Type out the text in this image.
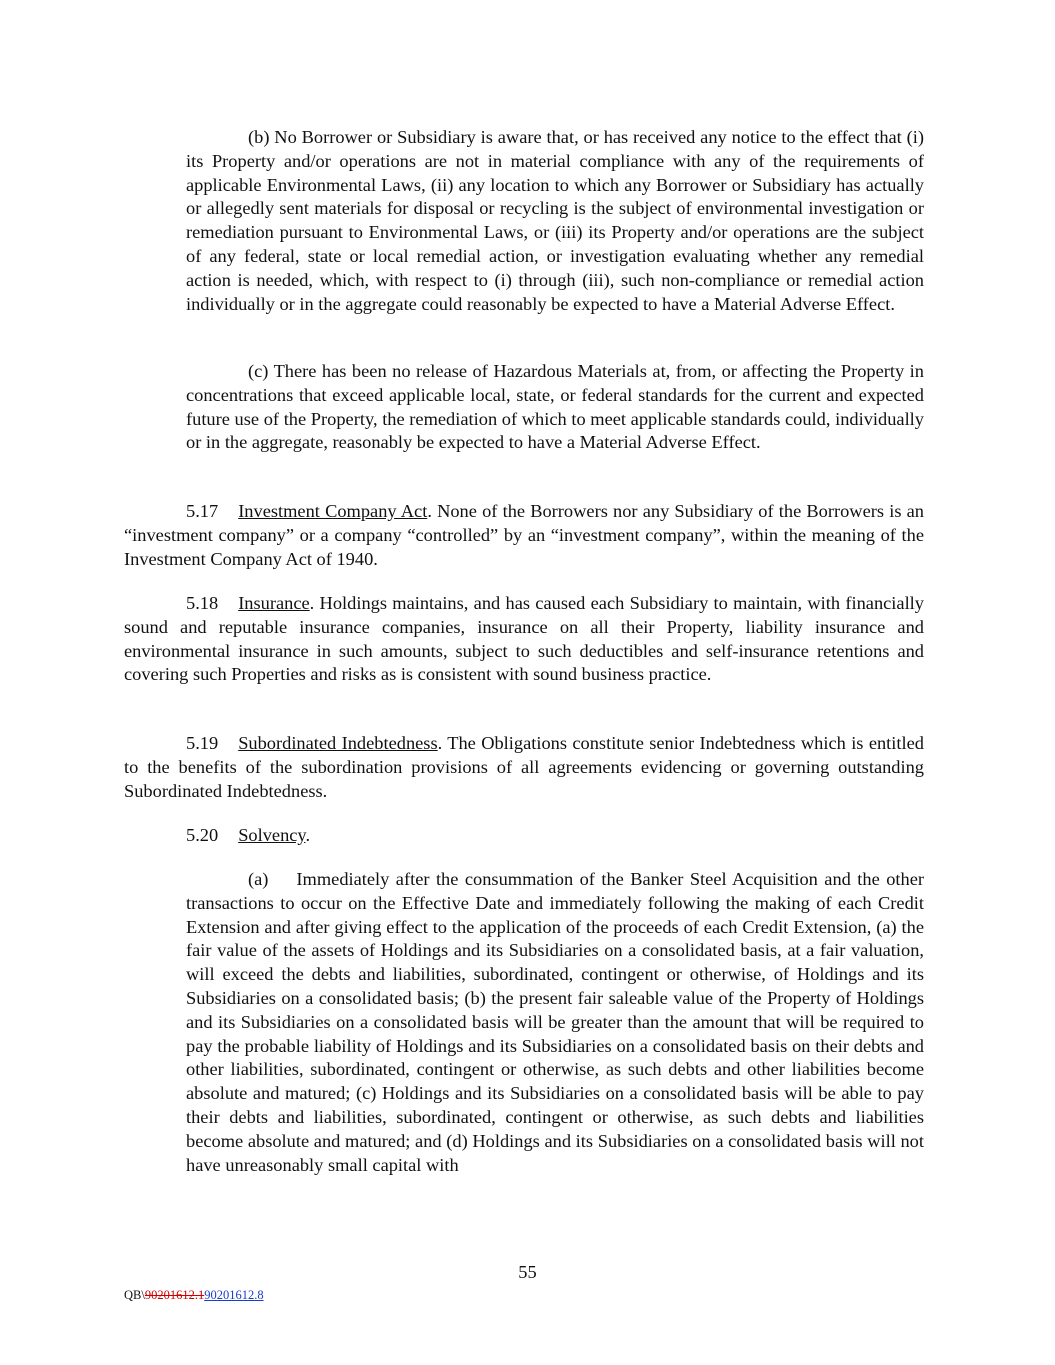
(b) No Borrower or Subsidiary is aware that, or has received any notice to the effect that (i) its Property and/or operations are not in material compliance with any of the requirements of applicable Environmental Laws, (ii) any location to which any Borrower or Subsidiary has actually or allegedly sent materials for disposal or recycling is the subject of environmental investigation or remediation pursuant to Environmental Laws, or (iii) its Property and/or operations are the subject of any federal, state or local remedial action, or investigation evaluating whether any remedial action is needed, which, with respect to (i) through (iii), such non-compliance or remedial action individually or in the aggregate could reasonably be expected to have a Material Adverse Effect.

(c) There has been no release of Hazardous Materials at, from, or affecting the Property in concentrations that exceed applicable local, state, or federal standards for the current and expected future use of the Property, the remediation of which to meet applicable standards could, individually or in the aggregate, reasonably be expected to have a Material Adverse Effect.

5.17 Investment Company Act. None of the Borrowers nor any Subsidiary of the Borrowers is an “investment company” or a company “controlled” by an “investment company”, within the meaning of the Investment Company Act of 1940.

5.18 Insurance. Holdings maintains, and has caused each Subsidiary to maintain, with financially sound and reputable insurance companies, insurance on all their Property, liability insurance and environmental insurance in such amounts, subject to such deductibles and self-insurance retentions and covering such Properties and risks as is consistent with sound business practice.

5.19 Subordinated Indebtedness. The Obligations constitute senior Indebtedness which is entitled to the benefits of the subordination provisions of all agreements evidencing or governing outstanding Subordinated Indebtedness.

5.20 Solvency.

(a) Immediately after the consummation of the Banker Steel Acquisition and the other transactions to occur on the Effective Date and immediately following the making of each Credit Extension and after giving effect to the application of the proceeds of each Credit Extension, (a) the fair value of the assets of Holdings and its Subsidiaries on a consolidated basis, at a fair valuation, will exceed the debts and liabilities, subordinated, contingent or otherwise, of Holdings and its Subsidiaries on a consolidated basis; (b) the present fair saleable value of the Property of Holdings and its Subsidiaries on a consolidated basis will be greater than the amount that will be required to pay the probable liability of Holdings and its Subsidiaries on a consolidated basis on their debts and other liabilities, subordinated, contingent or otherwise, as such debts and other liabilities become absolute and matured; (c) Holdings and its Subsidiaries on a consolidated basis will be able to pay their debts and liabilities, subordinated, contingent or otherwise, as such debts and liabilities become absolute and matured; and (d) Holdings and its Subsidiaries on a consolidated basis will not have unreasonably small capital with

55

QB\90201612.190201612.8
